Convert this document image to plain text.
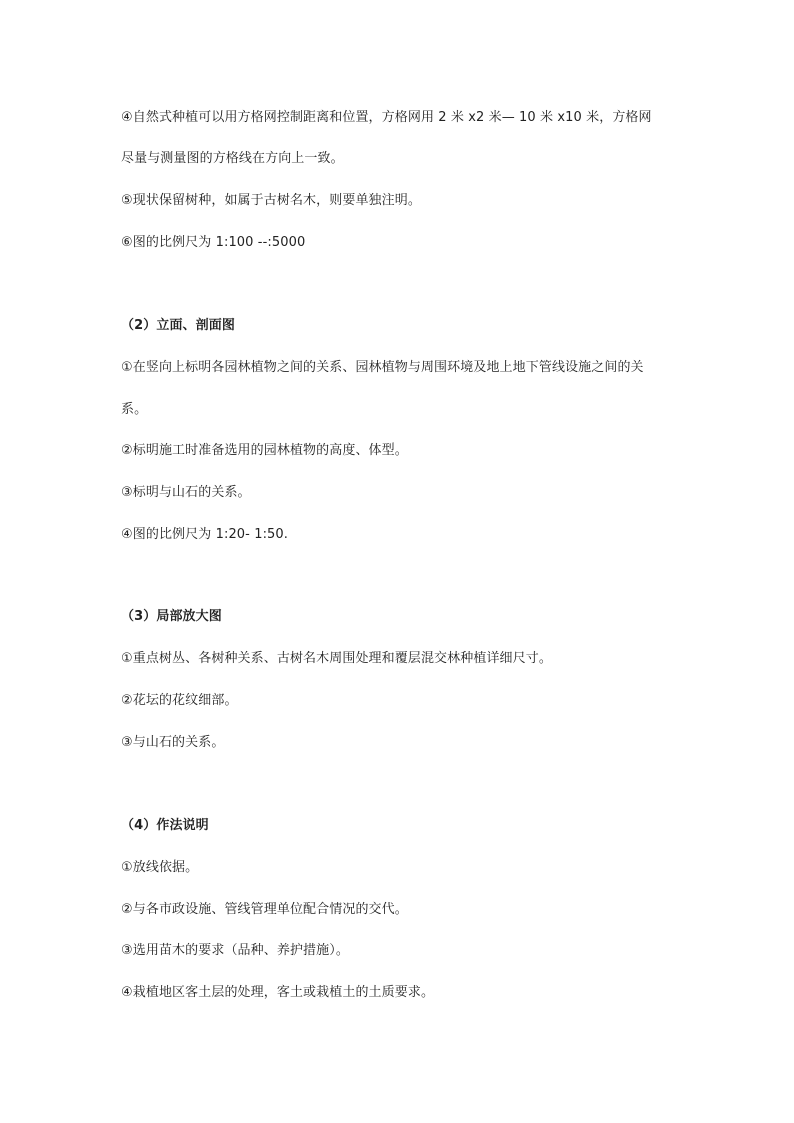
④自然式种植可以用方格网控制距离和位置，方格网用 2 米 x2 米— 10 米 x10 米，方格网
尽量与测量图的方格线在方向上一致。
⑤现状保留树种，如属于古树名木，则要单独注明。
⑥图的比例尺为 1:100 --:5000
（2）立面、剖面图
①在竖向上标明各园林植物之间的关系、园林植物与周围环境及地上地下管线设施之间的关
系。
②标明施工时准备选用的园林植物的高度、体型。
③标明与山石的关系。
④图的比例尺为 1:20- 1:50.
（3）局部放大图
①重点树丛、各树种关系、古树名木周围处理和覆层混交林种植详细尺寸。
②花坛的花纹细部。
③与山石的关系。
（4）作法说明
①放线依据。
②与各市政设施、管线管理单位配合情况的交代。
③选用苗木的要求（品种、养护措施）。
④栽植地区客土层的处理，客土或栽植土的土质要求。
